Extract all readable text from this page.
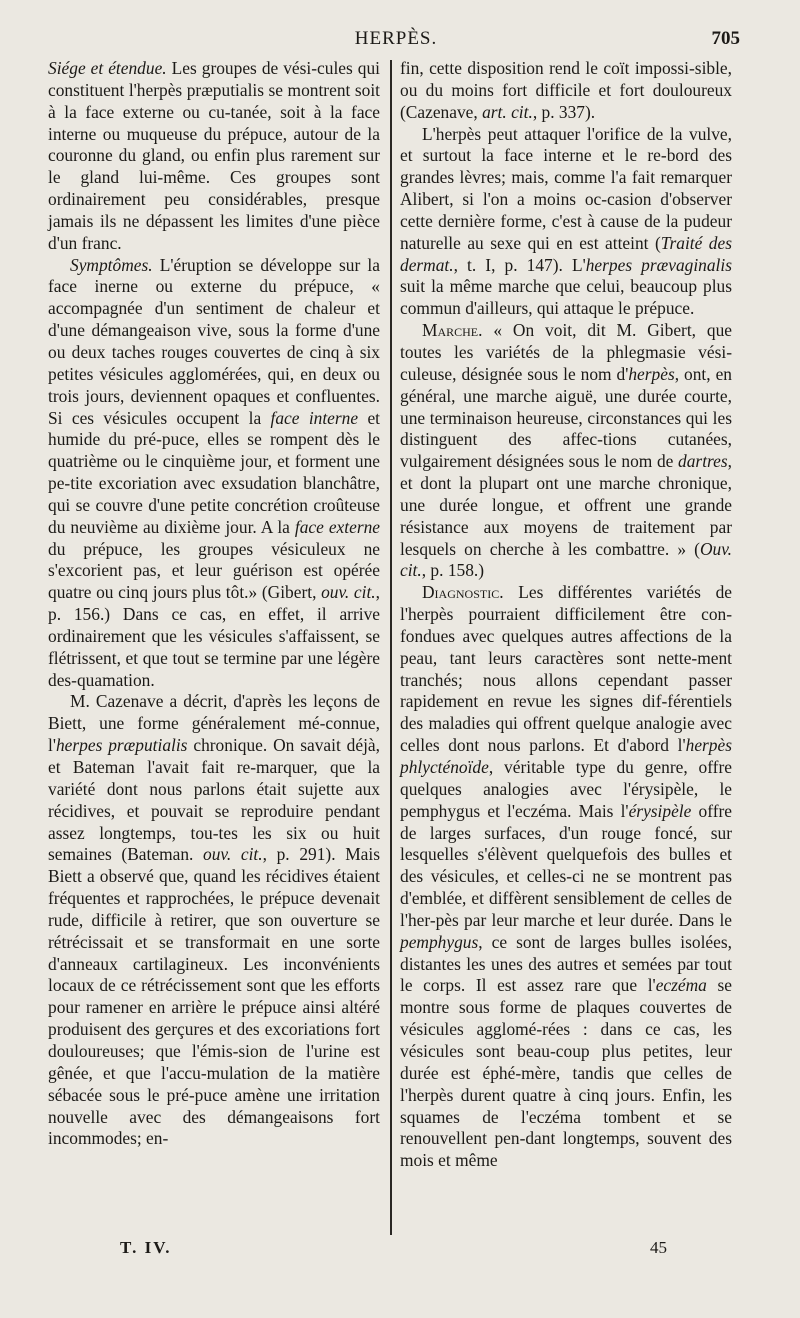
HERPÈS.	705

Siége et étendue. Les groupes de vési-cules qui constituent l'herpès præputialis se montrent soit à la face externe ou cu-tanée, soit à la face interne ou muqueuse du prépuce, autour de la couronne du gland, ou enfin plus rarement sur le gland lui-même. Ces groupes sont ordinairement peu considérables, presque jamais ils ne dépassent les limites d'une pièce d'un franc.

Symptômes. L'éruption se développe sur la face inerne ou externe du prépuce, « accompagnée d'un sentiment de chaleur et d'une démangeaison vive, sous la forme d'une ou deux taches rouges couvertes de cinq à six petites vésicules agglomérées, qui, en deux ou trois jours, deviennent opaques et confluentes. Si ces vésicules occupent la face interne et humide du pré-puce, elles se rompent dès le quatrième ou le cinquième jour, et forment une pe-tite excoriation avec exsudation blanchâtre, qui se couvre d'une petite concrétion croûteuse du neuvième au dixième jour. A la face externe du prépuce, les groupes vésiculeux ne s'excorient pas, et leur guérison est opérée quatre ou cinq jours plus tôt.» (Gibert, ouv. cit., p. 156.) Dans ce cas, en effet, il arrive ordinairement que les vésicules s'affaissent, se flétrissent, et que tout se termine par une légère des-quamation.

M. Cazenave a décrit, d'après les leçons de Biett, une forme généralement mé-connue, l'herpes præputialis chronique. On savait déjà, et Bateman l'avait fait re-marquer, que la variété dont nous parlons était sujette aux récidives, et pouvait se reproduire pendant assez longtemps, tou-tes les six ou huit semaines (Bateman. ouv. cit., p. 291). Mais Biett a observé que, quand les récidives étaient fréquentes et rapprochées, le prépuce devenait rude, difficile à retirer, que son ouverture se rétrécissait et se transformait en une sorte d'anneaux cartilagineux. Les inconvénients locaux de ce rétrécissement sont que les efforts pour ramener en arrière le prépuce ainsi altéré produisent des gerçures et des excoriations fort douloureuses; que l'émis-sion de l'urine est gênée, et que l'accu-mulation de la matière sébacée sous le pré-puce amène une irritation nouvelle avec des démangeaisons fort incommodes; en-

fin, cette disposition rend le coït impossi-sible, ou du moins fort difficile et fort douloureux (Cazenave, art. cit., p. 337).

L'herpès peut attaquer l'orifice de la vulve, et surtout la face interne et le re-bord des grandes lèvres; mais, comme l'a fait remarquer Alibert, si l'on a moins oc-casion d'observer cette dernière forme, c'est à cause de la pudeur naturelle au sexe qui en est atteint (Traité des dermat., t. I, p. 147). L'herpes prævaginalis suit la même marche que celui, beaucoup plus commun d'ailleurs, qui attaque le prépuce.

Marche. « On voit, dit M. Gibert, que toutes les variétés de la phlegmasie vési-culeuse, désignée sous le nom d'herpès, ont, en général, une marche aiguë, une durée courte, une terminaison heureuse, circonstances qui les distinguent des affec-tions cutanées, vulgairement désignées sous le nom de dartres, et dont la plupart ont une marche chronique, une durée longue, et offrent une grande résistance aux moyens de traitement par lesquels on cherche à les combattre. » (Ouv. cit., p. 158.)

Diagnostic. Les différentes variétés de l'herpès pourraient difficilement être con-fondues avec quelques autres affections de la peau, tant leurs caractères sont nette-ment tranchés; nous allons cependant passer rapidement en revue les signes dif-férentiels des maladies qui offrent quelque analogie avec celles dont nous parlons. Et d'abord l'herpès phlycténoïde, véritable type du genre, offre quelques analogies avec l'érysipèle, le pemphygus et l'eczéma. Mais l'érysipèle offre de larges surfaces, d'un rouge foncé, sur lesquelles s'élèvent quelquefois des bulles et des vésicules, et celles-ci ne se montrent pas d'emblée, et diffèrent sensiblement de celles de l'her-pès par leur marche et leur durée. Dans le pemphygus, ce sont de larges bulles isolées, distantes les unes des autres et semées par tout le corps. Il est assez rare que l'eczéma se montre sous forme de plaques couvertes de vésicules agglomé-rées : dans ce cas, les vésicules sont beau-coup plus petites, leur durée est éphé-mère, tandis que celles de l'herpès durent quatre à cinq jours. Enfin, les squames de l'eczéma tombent et se renouvellent pen-dant longtemps, souvent des mois et même

T. IV.	45
